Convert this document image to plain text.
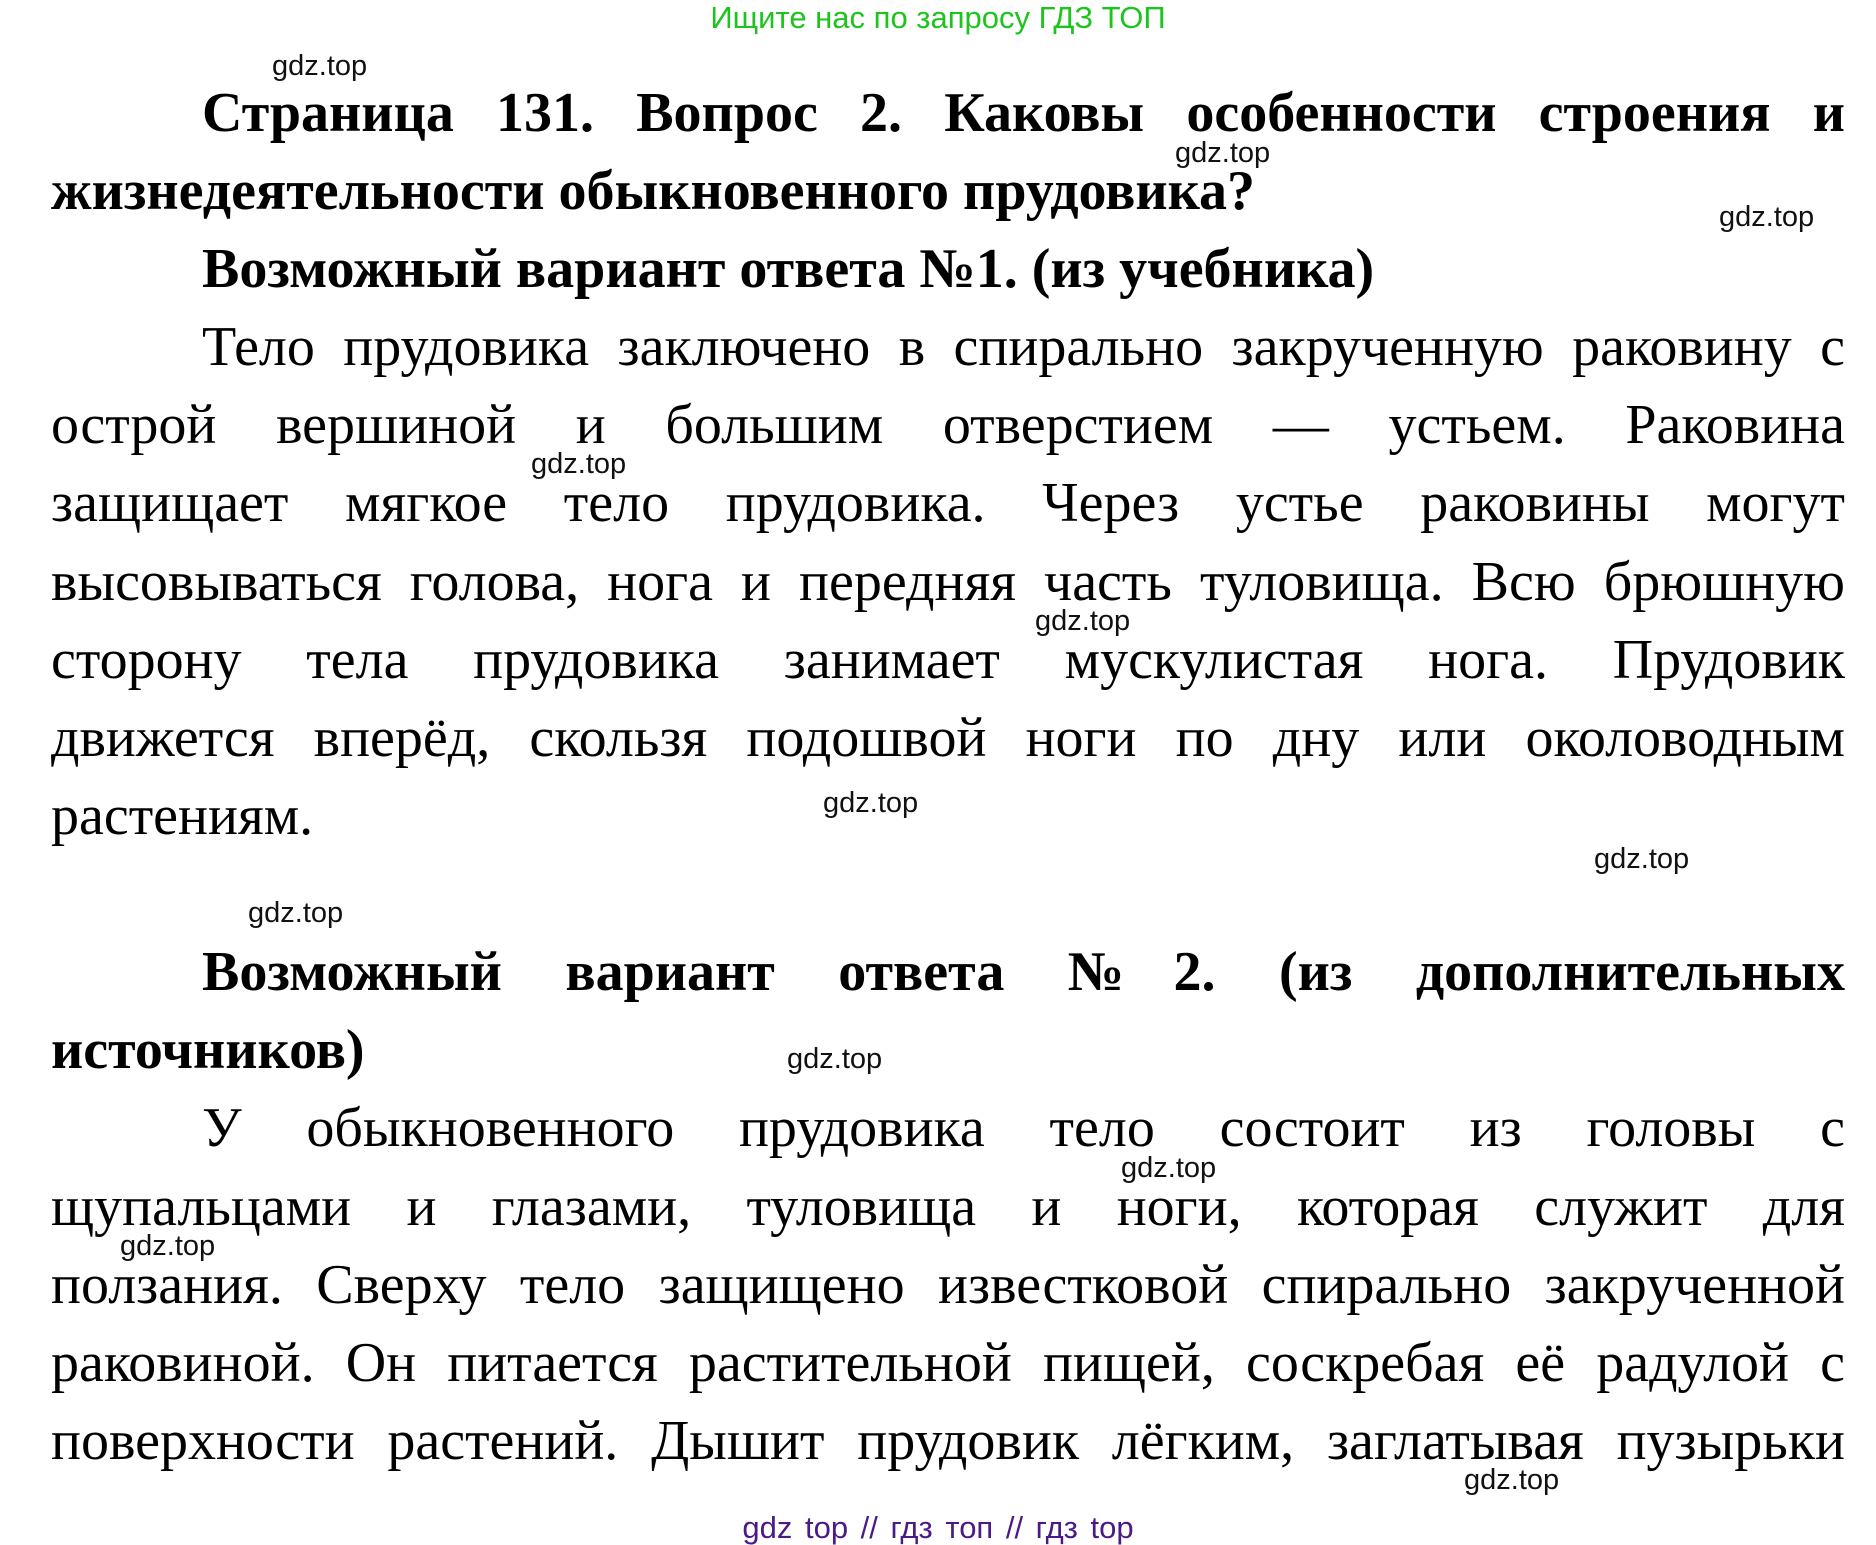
Ищите нас по запросу ГДЗ ТОП
gdz.top
gdz.top
gdz.top
gdz.top
gdz.top
gdz.top
gdz.top
gdz.top
gdz.top
gdz.top
gdz.top
gdz.top
Страница 131. Вопрос 2. Каковы особенности строения и
жизнедеятельности обыкновенного прудовика?
Возможный вариант ответа №1. (из учебника)
Тело прудовика заключено в спирально закрученную раковину с
острой вершиной и большим отверстием — устьем. Раковина
защищает мягкое тело прудовика. Через устье раковины могут
высовываться голова, нога и передняя часть туловища. Всю брюшную
сторону тела прудовика занимает мускулистая нога. Прудовик
движется вперёд, скользя подошвой ноги по дну или околоводным
растениям.
Возможный вариант ответа №2. (из дополнительных
источников)
У обыкновенного прудовика тело состоит из головы с
щупальцами и глазами, туловища и ноги, которая служит для
ползания. Сверху тело защищено известковой спирально закрученной
раковиной. Он питается растительной пищей, соскребая её радулой с
поверхности растений. Дышит прудовик лёгким, заглатывая пузырьки
gdz top // гдз топ // гдз top
